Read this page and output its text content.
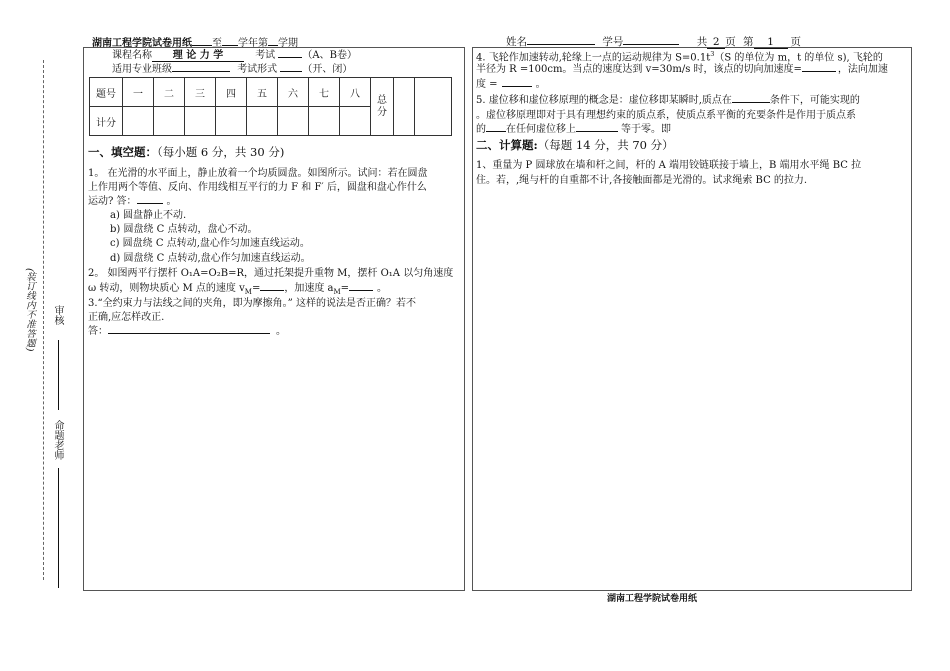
湖南工程学院试卷用纸 至 学年第 学期	姓名	学号	共 2 页 第 1 页
(装订线内不准答题) 审核
命题老师
课程名称 理 论 力 学	考试	（A、B卷）
适用专业班级	考试形式	（开、闭）
题号	一	二	三	四	五	六	七	八	总分		
计分											
一、填空题：（每小题 6 分，共 30 分)
1。 在光滑的水平面上，静止放着一个均质圆盘。如图所示。试问：若在圆盘
上作用两个等值、反向、作用线相互平行的力 F 和 F′ 后，圆盘和盘心作什么
运动? 答：	。
a) 圆盘静止不动.
b) 圆盘绕 C 点转动，盘心不动。
c) 圆盘绕 C 点转动,盘心作匀加速直线运动。
d) 圆盘绕 C 点转动,盘心作匀加速直线运动。
2。 如图两平行摆杆 O₁A=O₂B=R，通过托架提升重物 M，摆杆 O₁A 以匀角速度
ω 转动，则物块质心 M 点的速度 $v_M=$ ，加速度 $a_M=$	。
3.“全约束力与法线之间的夹角，即为摩擦角。” 这样的说法是否正确？若不
正确,应怎样改正.
答：	。
4. 飞轮作加速转动,轮缘上一点的运动规律为 $S=0.1t^3(S$ 的单位为 m，t 的单位 s), 飞轮的
半径为 R =100cm。当点的速度达到 v=30m/s 时，该点的切向加速度=	，法向加速
度 =	。
5. 虚位移和虚位移原理的概念是：虚位移即某瞬时,质点在	条件下，可能实现的
。虚位移原理即对于具有理想约束的质点系，使质点系平衡的充要条件是作用于质点系
的 在任何虚位移上	等于零。即
二、计算题:（每题 14 分，共 70 分）
1、重量为 P 圆球放在墙和杆之间，杆的 A 端用铰链联接于墙上，B 端用水平绳 BC 拉
住。若，,绳与杆的自重都不计,各接触面都是光滑的。试求绳索 BC 的拉力.
湖南工程学院试卷用纸
